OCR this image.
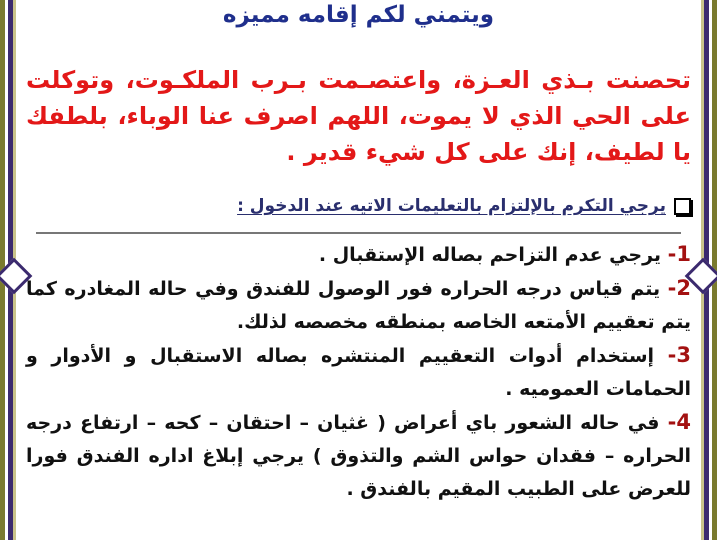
ويتمني لكم إقامه مميزه
تحصنت بـذي العـزة، واعتصـمت بـرب الملكـوت، وتوكلت على الحي الذي لا يموت، اللهم اصرف عنا الوباء، بلطفك يا لطيف، إنك على كل شيء قدير .
يرجي التكرم بالإلتزام بالتعليمات الاتيه عند الدخول :

1- يرجي عدم التزاحم بصاله الإستقبال .

2- يتم قياس درجه الحراره فور الوصول للفندق وفي حاله المغادره كما يتم تعقييم الأمتعه الخاصه بمنطقه مخصصه لذلك.

3- إستخدام أدوات التعقييم المنتشره بصاله الاستقبال و الأدوار و الحمامات العموميه .

4- في حاله الشعور باي أعراض ( غثيان – احتقان – كحه – ارتفاع درجه الحراره – فقدان حواس الشم والتذوق ) يرجي إبلاغ اداره الفندق فورا للعرض على الطبيب المقيم بالفندق .
